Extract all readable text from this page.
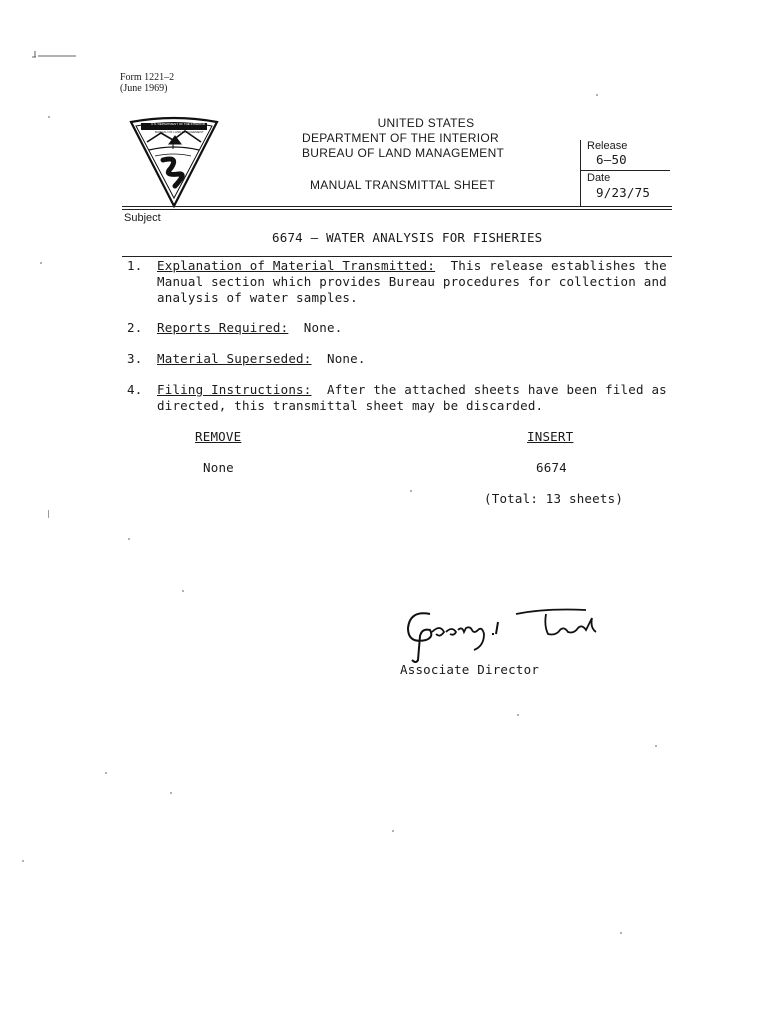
Form 1221–2
(June 1969)
U.S. DEPARTMENT OF THE INTERIOR
BUREAU OF LAND MANAGEMENT
UNITED STATES
DEPARTMENT OF THE INTERIOR
BUREAU OF LAND MANAGEMENT
MANUAL TRANSMITTAL SHEET
Release
6–50
Date
9/23/75
Subject
6674 – WATER ANALYSIS FOR FISHERIES
1. Explanation of Material Transmitted: This release establishes the
Manual section which provides Bureau procedures for collection and
analysis of water samples.
2. Reports Required: None.
3. Material Superseded: None.
4. Filing Instructions: After the attached sheets have been filed as
directed, this transmittal sheet may be discarded.
REMOVE
None
INSERT
6674
(Total: 13 sheets)
Associate Director
